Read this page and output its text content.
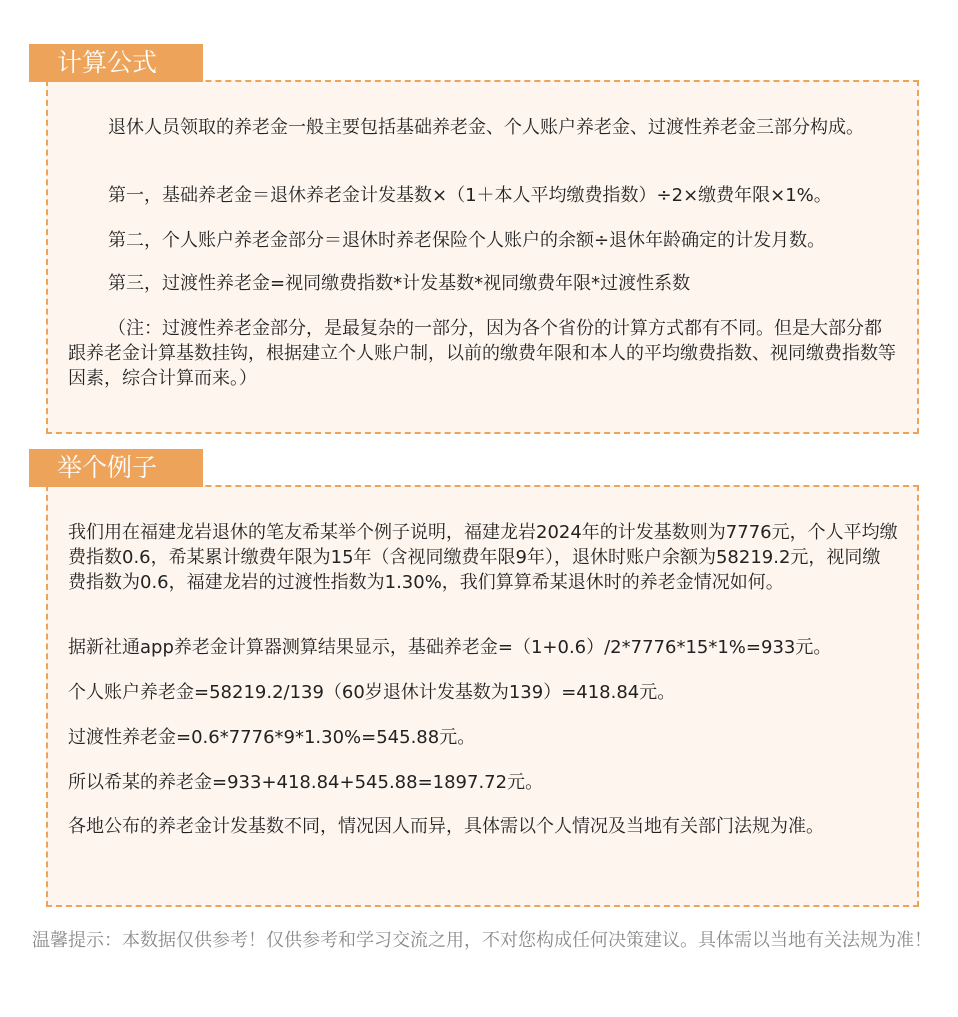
计算公式

退休人员领取的养老金一般主要包括基础养老金、个人账户养老金、过渡性养老金三部分构成。

第一，基础养老金＝退休养老金计发基数×（1＋本人平均缴费指数）÷2×缴费年限×1%。

第二，个人账户养老金部分＝退休时养老保险个人账户的余额÷退休年龄确定的计发月数。

第三，过渡性养老金=视同缴费指数*计发基数*视同缴费年限*过渡性系数

（注：过渡性养老金部分，是最复杂的一部分，因为各个省份的计算方式都有不同。但是大部分都跟养老金计算基数挂钩，根据建立个人账户制，以前的缴费年限和本人的平均缴费指数、视同缴费指数等因素，综合计算而来。）

举个例子

我们用在福建龙岩退休的笔友希某举个例子说明，福建龙岩2024年的计发基数则为7776元，个人平均缴费指数0.6，希某累计缴费年限为15年（含视同缴费年限9年），退休时账户余额为58219.2元，视同缴费指数为0.6，福建龙岩的过渡性指数为1.30%，我们算算希某退休时的养老金情况如何。

据新社通app养老金计算器测算结果显示，基础养老金=（1+0.6）/2*7776*15*1%=933元。

个人账户养老金=58219.2/139（60岁退休计发基数为139）=418.84元。

过渡性养老金=0.6*7776*9*1.30%=545.88元。

所以希某的养老金=933+418.84+545.88=1897.72元。

各地公布的养老金计发基数不同，情况因人而异，具体需以个人情况及当地有关部门法规为准。

温馨提示：本数据仅供参考！仅供参考和学习交流之用，不对您构成任何决策建议。具体需以当地有关法规为准！
